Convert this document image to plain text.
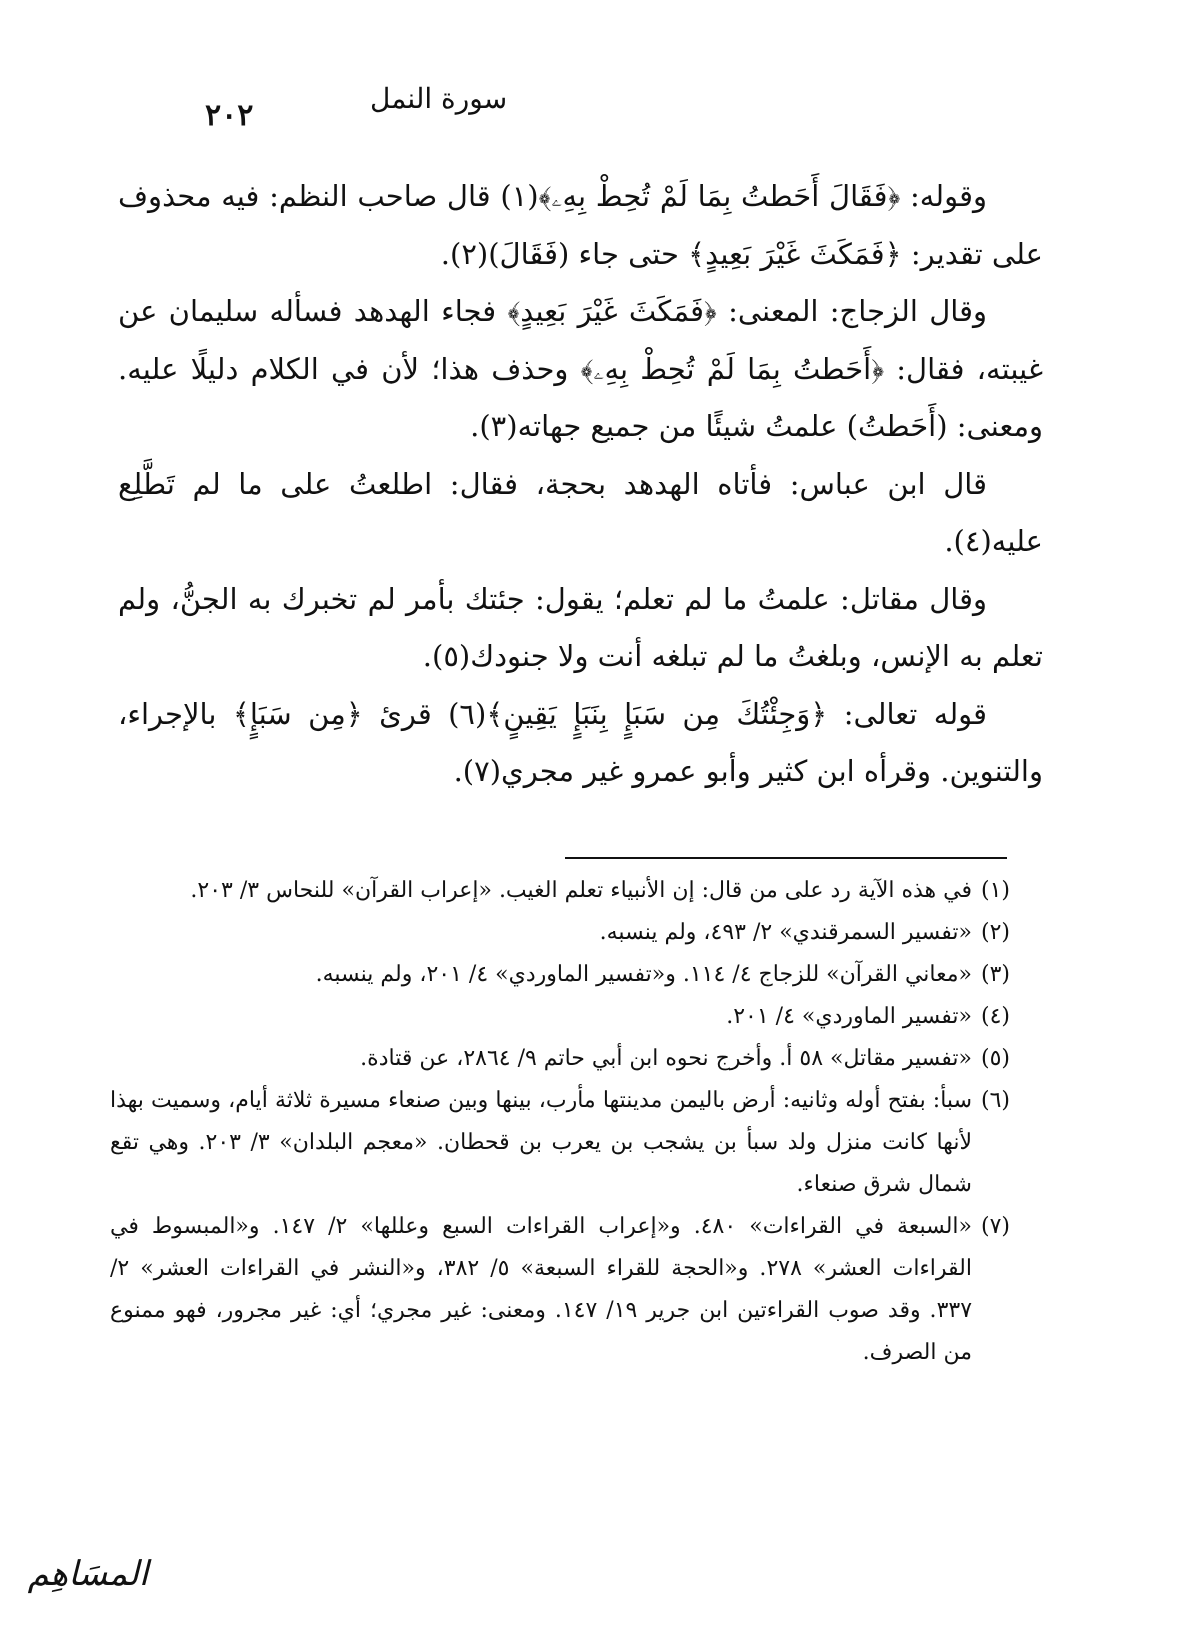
٢٠٢	سورة النمل

وقوله: ﴿فَقَالَ أَحَطتُ بِمَا لَمْ تُحِطْ بِهِۦ﴾(١) قال صاحب النظم: فيه محذوف على تقدير: ﴿فَمَكَثَ غَيْرَ بَعِيدٍ﴾ حتى جاء (فَقَالَ)(٢).

وقال الزجاج: المعنى: ﴿فَمَكَثَ غَيْرَ بَعِيدٍ﴾ فجاء الهدهد فسأله سليمان عن غيبته، فقال: ﴿أَحَطتُ بِمَا لَمْ تُحِطْ بِهِۦ﴾ وحذف هذا؛ لأن في الكلام دليلًا عليه. ومعنى: (أَحَطتُ) علمتُ شيئًا من جميع جهاته(٣).

قال ابن عباس: فأتاه الهدهد بحجة، فقال: اطلعتُ على ما لم تَطَّلِع عليه(٤).

وقال مقاتل: علمتُ ما لم تعلم؛ يقول: جئتك بأمر لم تخبرك به الجنُّ، ولم تعلم به الإنس، وبلغتُ ما لم تبلغه أنت ولا جنودك(٥).

قوله تعالى: ﴿وَجِئْتُكَ مِن سَبَإٍ بِنَبَإٍ يَقِينٍ﴾(٦) قرئ ﴿مِن سَبَإٍ﴾ بالإجراء، والتنوين. وقرأه ابن كثير وأبو عمرو غير مجري(٧).

(١)
في هذه الآية رد على من قال: إن الأنبياء تعلم الغيب. «إعراب القرآن» للنحاس ٣/ ٢٠٣.
(٢)
«تفسير السمرقندي» ٢/ ٤٩٣، ولم ينسبه.
(٣)
«معاني القرآن» للزجاج ٤/ ١١٤. و«تفسير الماوردي» ٤/ ٢٠١، ولم ينسبه.
(٤)
«تفسير الماوردي» ٤/ ٢٠١.
(٥)
«تفسير مقاتل» ٥٨ أ. وأخرج نحوه ابن أبي حاتم ٩/ ٢٨٦٤، عن قتادة.
(٦)
سبأ: بفتح أوله وثانيه: أرض باليمن مدينتها مأرب، بينها وبين صنعاء مسيرة ثلاثة أيام، وسميت بهذا لأنها كانت منزل ولد سبأ بن يشجب بن يعرب بن قحطان. «معجم البلدان» ٣/ ٢٠٣. وهي تقع شمال شرق صنعاء.
(٧)
«السبعة في القراءات» ٤٨٠. و«إعراب القراءات السبع وعللها» ٢/ ١٤٧. و«المبسوط في القراءات العشر» ٢٧٨. و«الحجة للقراء السبعة» ٥/ ٣٨٢، و«النشر في القراءات العشر» ٢/ ٣٣٧. وقد صوب القراءتين ابن جرير ١٩/ ١٤٧. ومعنى: غير مجري؛ أي: غير مجرور، فهو ممنوع من الصرف.
المسَاهِم
